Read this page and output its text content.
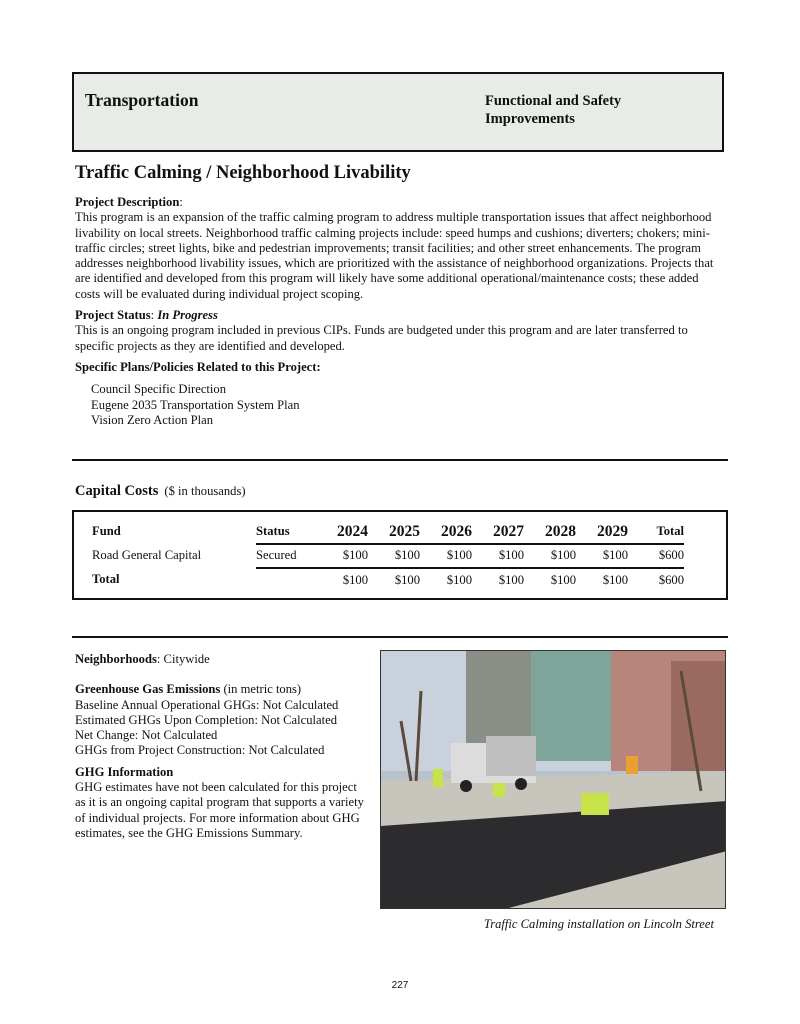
Transportation	Functional and Safety Improvements
Traffic Calming / Neighborhood Livability
Project Description:
This program is an expansion of the traffic calming program to address multiple transportation issues that affect neighborhood livability on local streets. Neighborhood traffic calming projects include: speed humps and cushions; diverters; chokers; mini-traffic circles; street lights, bike and pedestrian improvements; transit facilities; and other street enhancements. The program addresses neighborhood livability issues, which are prioritized with the assistance of neighborhood organizations. Projects that are identified and developed from this program will likely have some additional operational/maintenance costs; these added costs will be evaluated during individual project scoping.
Project Status: In Progress
This is an ongoing program included in previous CIPs. Funds are budgeted under this program and are later transferred to specific projects as they are identified and developed.
Specific Plans/Policies Related to this Project:
Council Specific Direction
Eugene 2035 Transportation System Plan
Vision Zero Action Plan
Capital Costs ($ in thousands)
Fund	Status	2024	2025	2026	2027	2028	2029	Total
Road General Capital	Secured	$100	$100	$100	$100	$100	$100	$600
Total		$100	$100	$100	$100	$100	$100	$600
Neighborhoods: Citywide
Greenhouse Gas Emissions (in metric tons)
Baseline Annual Operational GHGs: Not Calculated
Estimated GHGs Upon Completion: Not Calculated
Net Change: Not Calculated
GHGs from Project Construction: Not Calculated
GHG Information
GHG estimates have not been calculated for this project as it is an ongoing capital program that supports a variety of individual projects. For more information about GHG estimates, see the GHG Emissions Summary.
Traffic Calming installation on Lincoln Street
227
